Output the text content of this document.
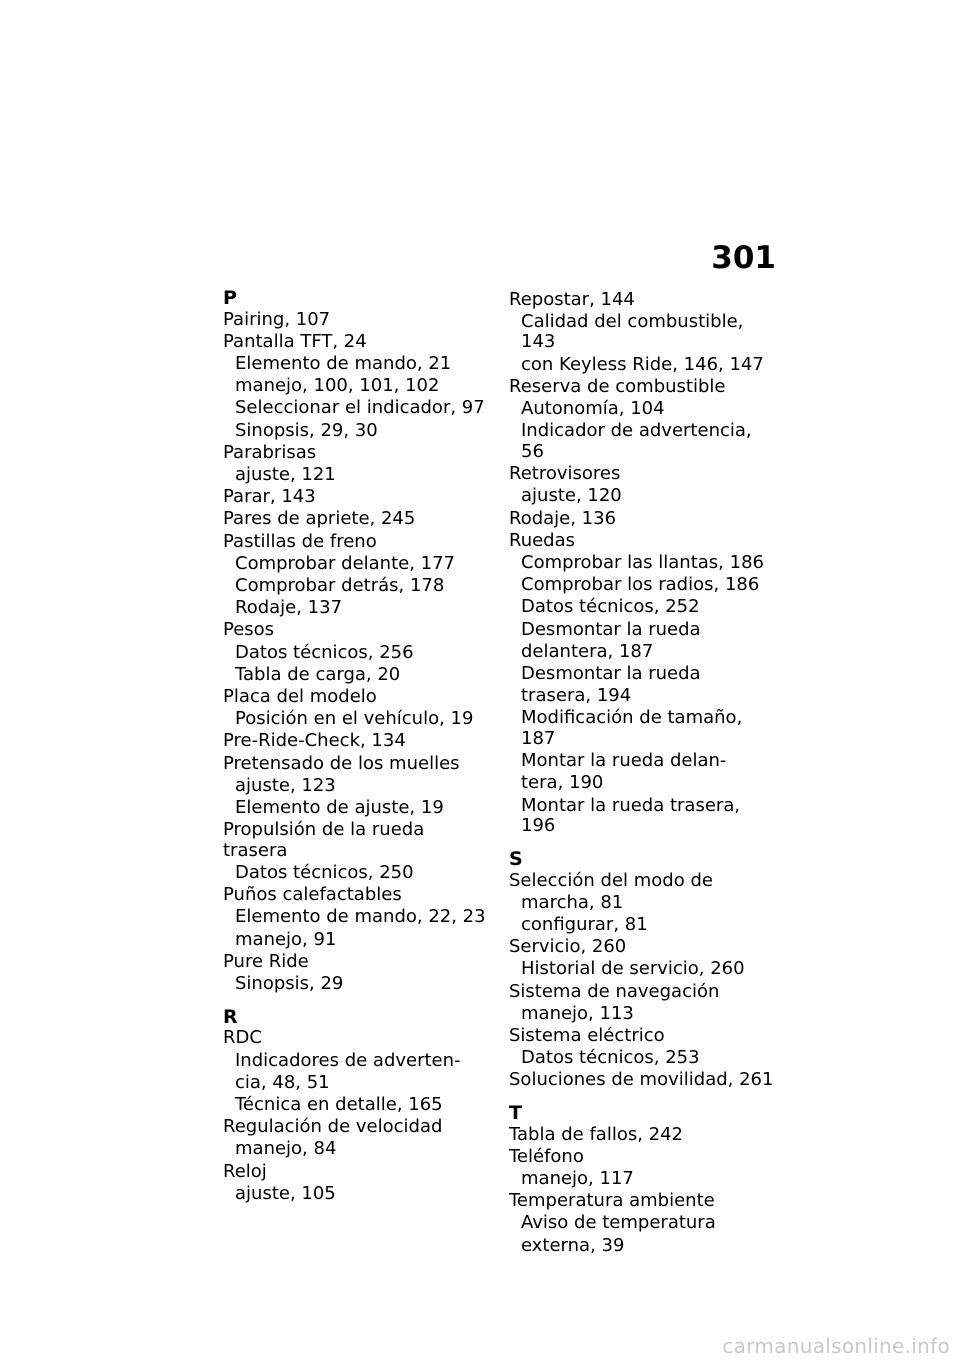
301
P
Pairing, 107
Pantalla TFT, 24
Elemento de mando, 21
manejo, 100, 101, 102
Seleccionar el indicador, 97
Sinopsis, 29, 30
Parabrisas
ajuste, 121
Parar, 143
Pares de apriete, 245
Pastillas de freno
Comprobar delante, 177
Comprobar detrás, 178
Rodaje, 137
Pesos
Datos técnicos, 256
Tabla de carga, 20
Placa del modelo
Posición en el vehículo, 19
Pre-Ride-Check, 134
Pretensado de los muelles
ajuste, 123
Elemento de ajuste, 19
Propulsión de la rueda trasera
Datos técnicos, 250
Puños calefactables
Elemento de mando, 22, 23
manejo, 91
Pure Ride
Sinopsis, 29
R
RDC
Indicadores de adverten-
cia, 48, 51
Técnica en detalle, 165
Regulación de velocidad
manejo, 84
Reloj
ajuste, 105
Repostar, 144
Calidad del combustible, 143
con Keyless Ride, 146, 147
Reserva de combustible
Autonomía, 104
Indicador de advertencia, 56
Retrovisores
ajuste, 120
Rodaje, 136
Ruedas
Comprobar las llantas, 186
Comprobar los radios, 186
Datos técnicos, 252
Desmontar la rueda
delantera, 187
Desmontar la rueda
trasera, 194
Modificación de tamaño, 187
Montar la rueda delan-
tera, 190
Montar la rueda trasera, 196
S
Selección del modo de
marcha, 81
configurar, 81
Servicio, 260
Historial de servicio, 260
Sistema de navegación
manejo, 113
Sistema eléctrico
Datos técnicos, 253
Soluciones de movilidad, 261
T
Tabla de fallos, 242
Teléfono
manejo, 117
Temperatura ambiente
Aviso de temperatura
externa, 39
carmanualsonline.info
